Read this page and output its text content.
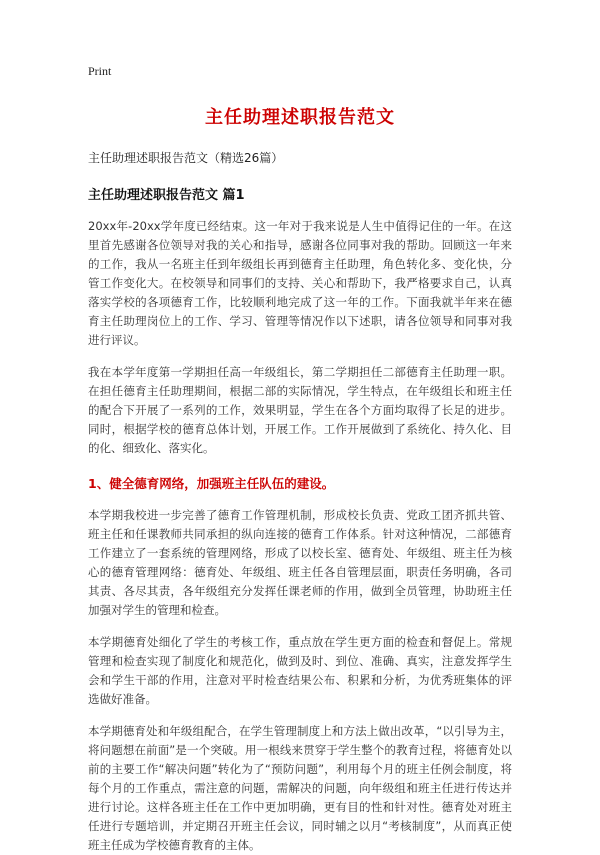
Print
主任助理述职报告范文
主任助理述职报告范文（精选26篇）
主任助理述职报告范文 篇1

20xx年-20xx学年度已经结束。这一年对于我来说是人生中值得记住的一年。在这里首先感谢各位领导对我的关心和指导，感谢各位同事对我的帮助。回顾这一年来的工作，我从一名班主任到年级组长再到德育主任助理，角色转化多、变化快，分管工作变化大。在校领导和同事们的支持、关心和帮助下，我严格要求自己，认真落实学校的各项德育工作，比较顺利地完成了这一年的工作。下面我就半年来在德育主任助理岗位上的工作、学习、管理等情况作以下述职，请各位领导和同事对我进行评议。

我在本学年度第一学期担任高一年级组长，第二学期担任二部德育主任助理一职。在担任德育主任助理期间，根据二部的实际情况，学生特点，在年级组长和班主任的配合下开展了一系列的工作，效果明显，学生在各个方面均取得了长足的进步。同时，根据学校的德育总体计划，开展工作。工作开展做到了系统化、持久化、目的化、细致化、落实化。

1、健全德育网络，加强班主任队伍的建设。

本学期我校进一步完善了德育工作管理机制，形成校长负责、党政工团齐抓共管、班主任和任课教师共同承担的纵向连接的德育工作体系。针对这种情况，二部德育工作建立了一套系统的管理网络，形成了以校长室、德育处、年级组、班主任为核心的德育管理网络：德育处、年级组、班主任各自管理层面，职责任务明确，各司其责、各尽其责，各年级组充分发挥任课老师的作用，做到全员管理，协助班主任加强对学生的管理和检查。

本学期德育处细化了学生的考核工作，重点放在学生更方面的检查和督促上。常规管理和检查实现了制度化和规范化，做到及时、到位、准确、真实，注意发挥学生会和学生干部的作用，注意对平时检查结果公布、积累和分析，为优秀班集体的评选做好准备。

本学期德育处和年级组配合，在学生管理制度上和方法上做出改革，“以引导为主，将问题想在前面”是一个突破。用一根线来贯穿于学生整个的教育过程，将德育处以前的主要工作“解决问题”转化为了“预防问题”，利用每个月的班主任例会制度，将每个月的工作重点，需注意的问题，需解决的问题，向年级组和班主任进行传达并进行讨论。这样各班主任在工作中更加明确，更有目的性和针对性。德育处对班主任进行专题培训，并定期召开班主任会议，同时辅之以月“考核制度”，从而真正使班主任成为学校德育教育的主体。
